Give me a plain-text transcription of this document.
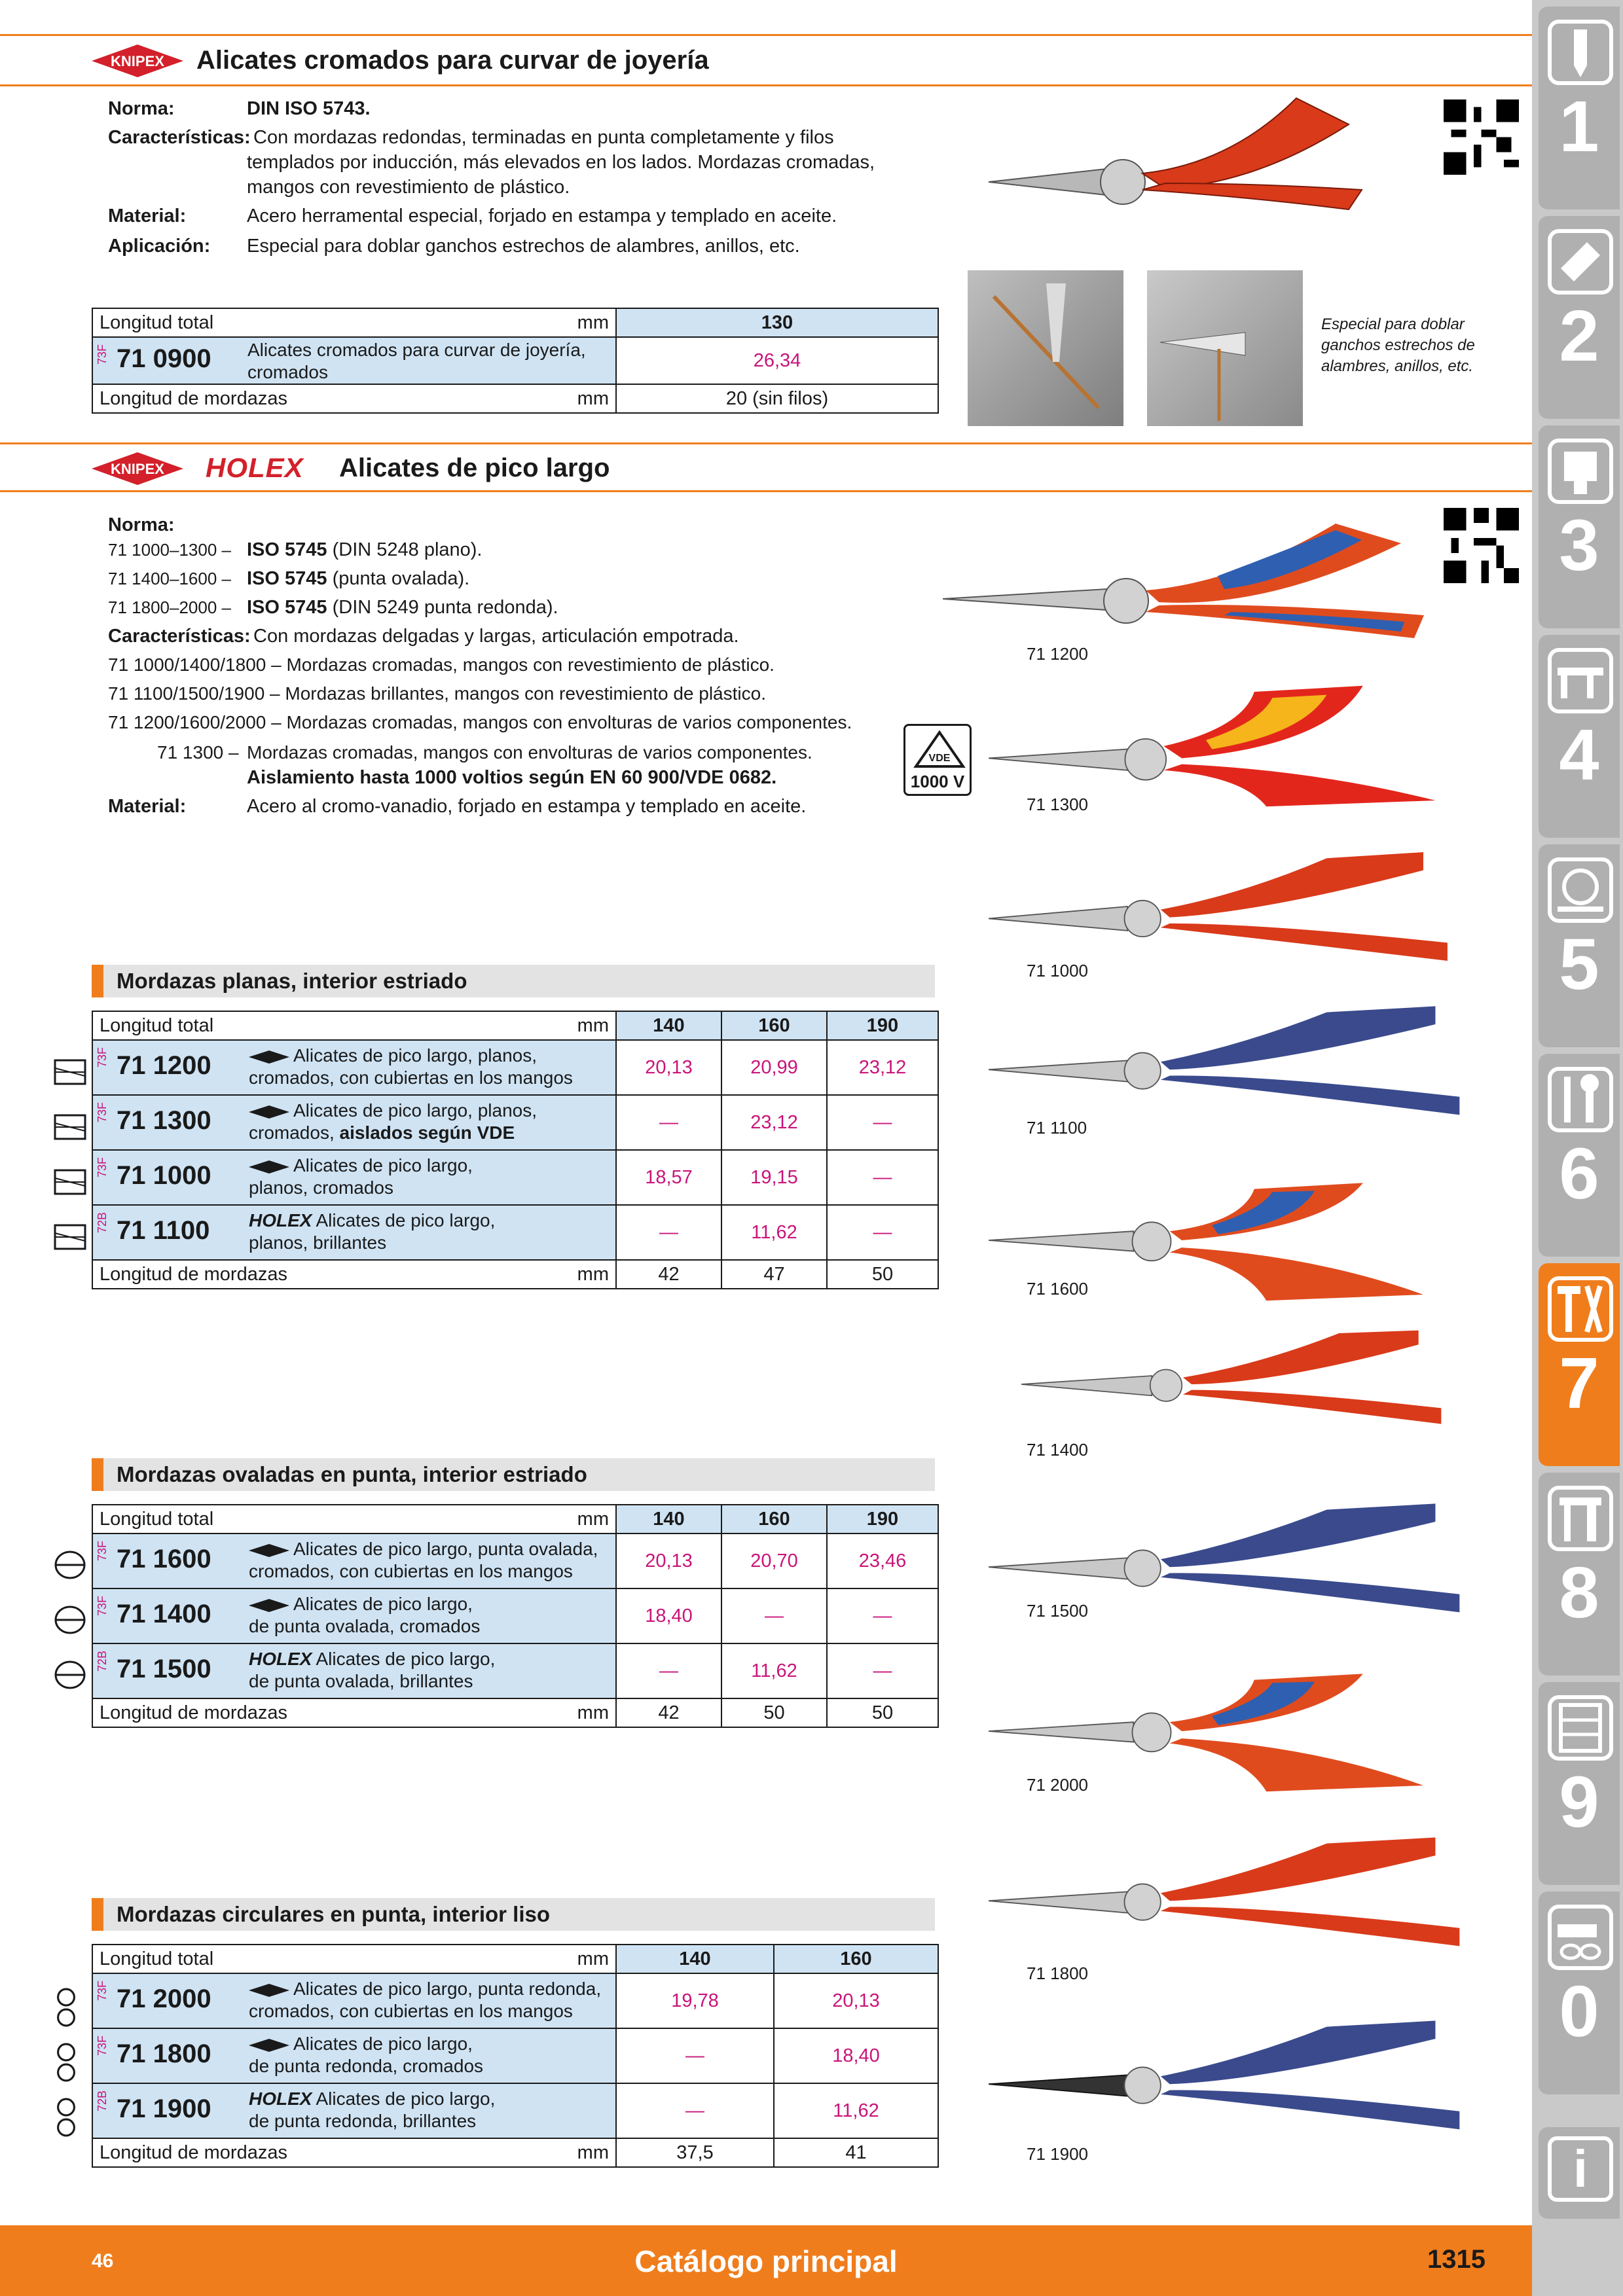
KNIPEX Alicates cromados para curvar de joyería
Norma:	DIN ISO 5743.
Características: Con mordazas redondas, terminadas en punta completamente y filos
templados por inducción, más elevados en los lados. Mordazas cromadas,
mangos con revestimiento de plástico.
Material:	Acero herramental especial, forjado en estampa y templado en aceite.
Aplicación: Especial para doblar ganchos estrechos de alambres, anillos, etc.
Especial para doblar
ganchos estrechos de
alambres, anillos, etc.
Longitud total	mm	130

73F 71 0900 Alicates cromados para curvar de joyería,
cromados		26,34
Longitud de mordazas	mm	20 (sin filos)
KNIPEX HOLEX Alicates de pico largo
Norma:
71 1000–1300 – ISO 5745 (DIN 5248 plano).
71 1400–1600 – ISO 5745 (punta ovalada).
71 1800–2000 – ISO 5745 (DIN 5249 punta redonda).
Características: Con mordazas delgadas y largas, articulación empotrada.
71 1000/1400/1800 – Mordazas cromadas, mangos con revestimiento de plástico.
71 1100/1500/1900 – Mordazas brillantes, mangos con revestimiento de plástico.
71 1200/1600/2000 – Mordazas cromadas, mangos con envolturas de varios componentes.
71 1300 – Mordazas cromadas, mangos con envolturas de varios componentes.
Aislamiento hasta 1000 voltios según EN 60 900/VDE 0682.
Material:	Acero al cromo-vanadio, forjado en estampa y templado en aceite.
VDE
1000 V
71 1200
71 1300
71 1000
71 1100
71 1600
71 1400
71 1500
71 2000
71 1800
71 1900
Mordazas planas, interior estriado
Longitud total	mm	140	160	190

73F 71 1200 Alicates de pico largo, planos,
cromados, con cubiertas en los mangos		20,13	20,99	23,12

73F 71 1300 Alicates de pico largo, planos,
cromados, aislados según VDE		—	23,12	—

73F 71 1000 Alicates de pico largo,
planos, cromados		18,57	19,15	—

72B 71 1100 HOLEX Alicates de pico largo,
planos, brillantes		—	11,62	—
Longitud de mordazas	mm	42	47	50
Mordazas ovaladas en punta, interior estriado
Longitud total	mm	140	160	190

73F 71 1600 Alicates de pico largo, punta ovalada,
cromados, con cubiertas en los mangos		20,13	20,70	23,46

73F 71 1400 Alicates de pico largo,
de punta ovalada, cromados		18,40	—	—

72B 71 1500 HOLEX Alicates de pico largo,
de punta ovalada, brillantes		—	11,62	—
Longitud de mordazas	mm	42	50	50
Mordazas circulares en punta, interior liso
Longitud total	mm	140	160

73F 71 2000 Alicates de pico largo, punta redonda,
cromados, con cubiertas en los mangos		19,78	20,13

73F 71 1800 Alicates de pico largo,
de punta redonda, cromados		—	18,40

72B 71 1900 HOLEX Alicates de pico largo,
de punta redonda, brillantes		—	11,62
Longitud de mordazas	mm	37,5	41
1
2
3
4
5
6
7
8
9
0
i
Catálogo principal
46	1315
